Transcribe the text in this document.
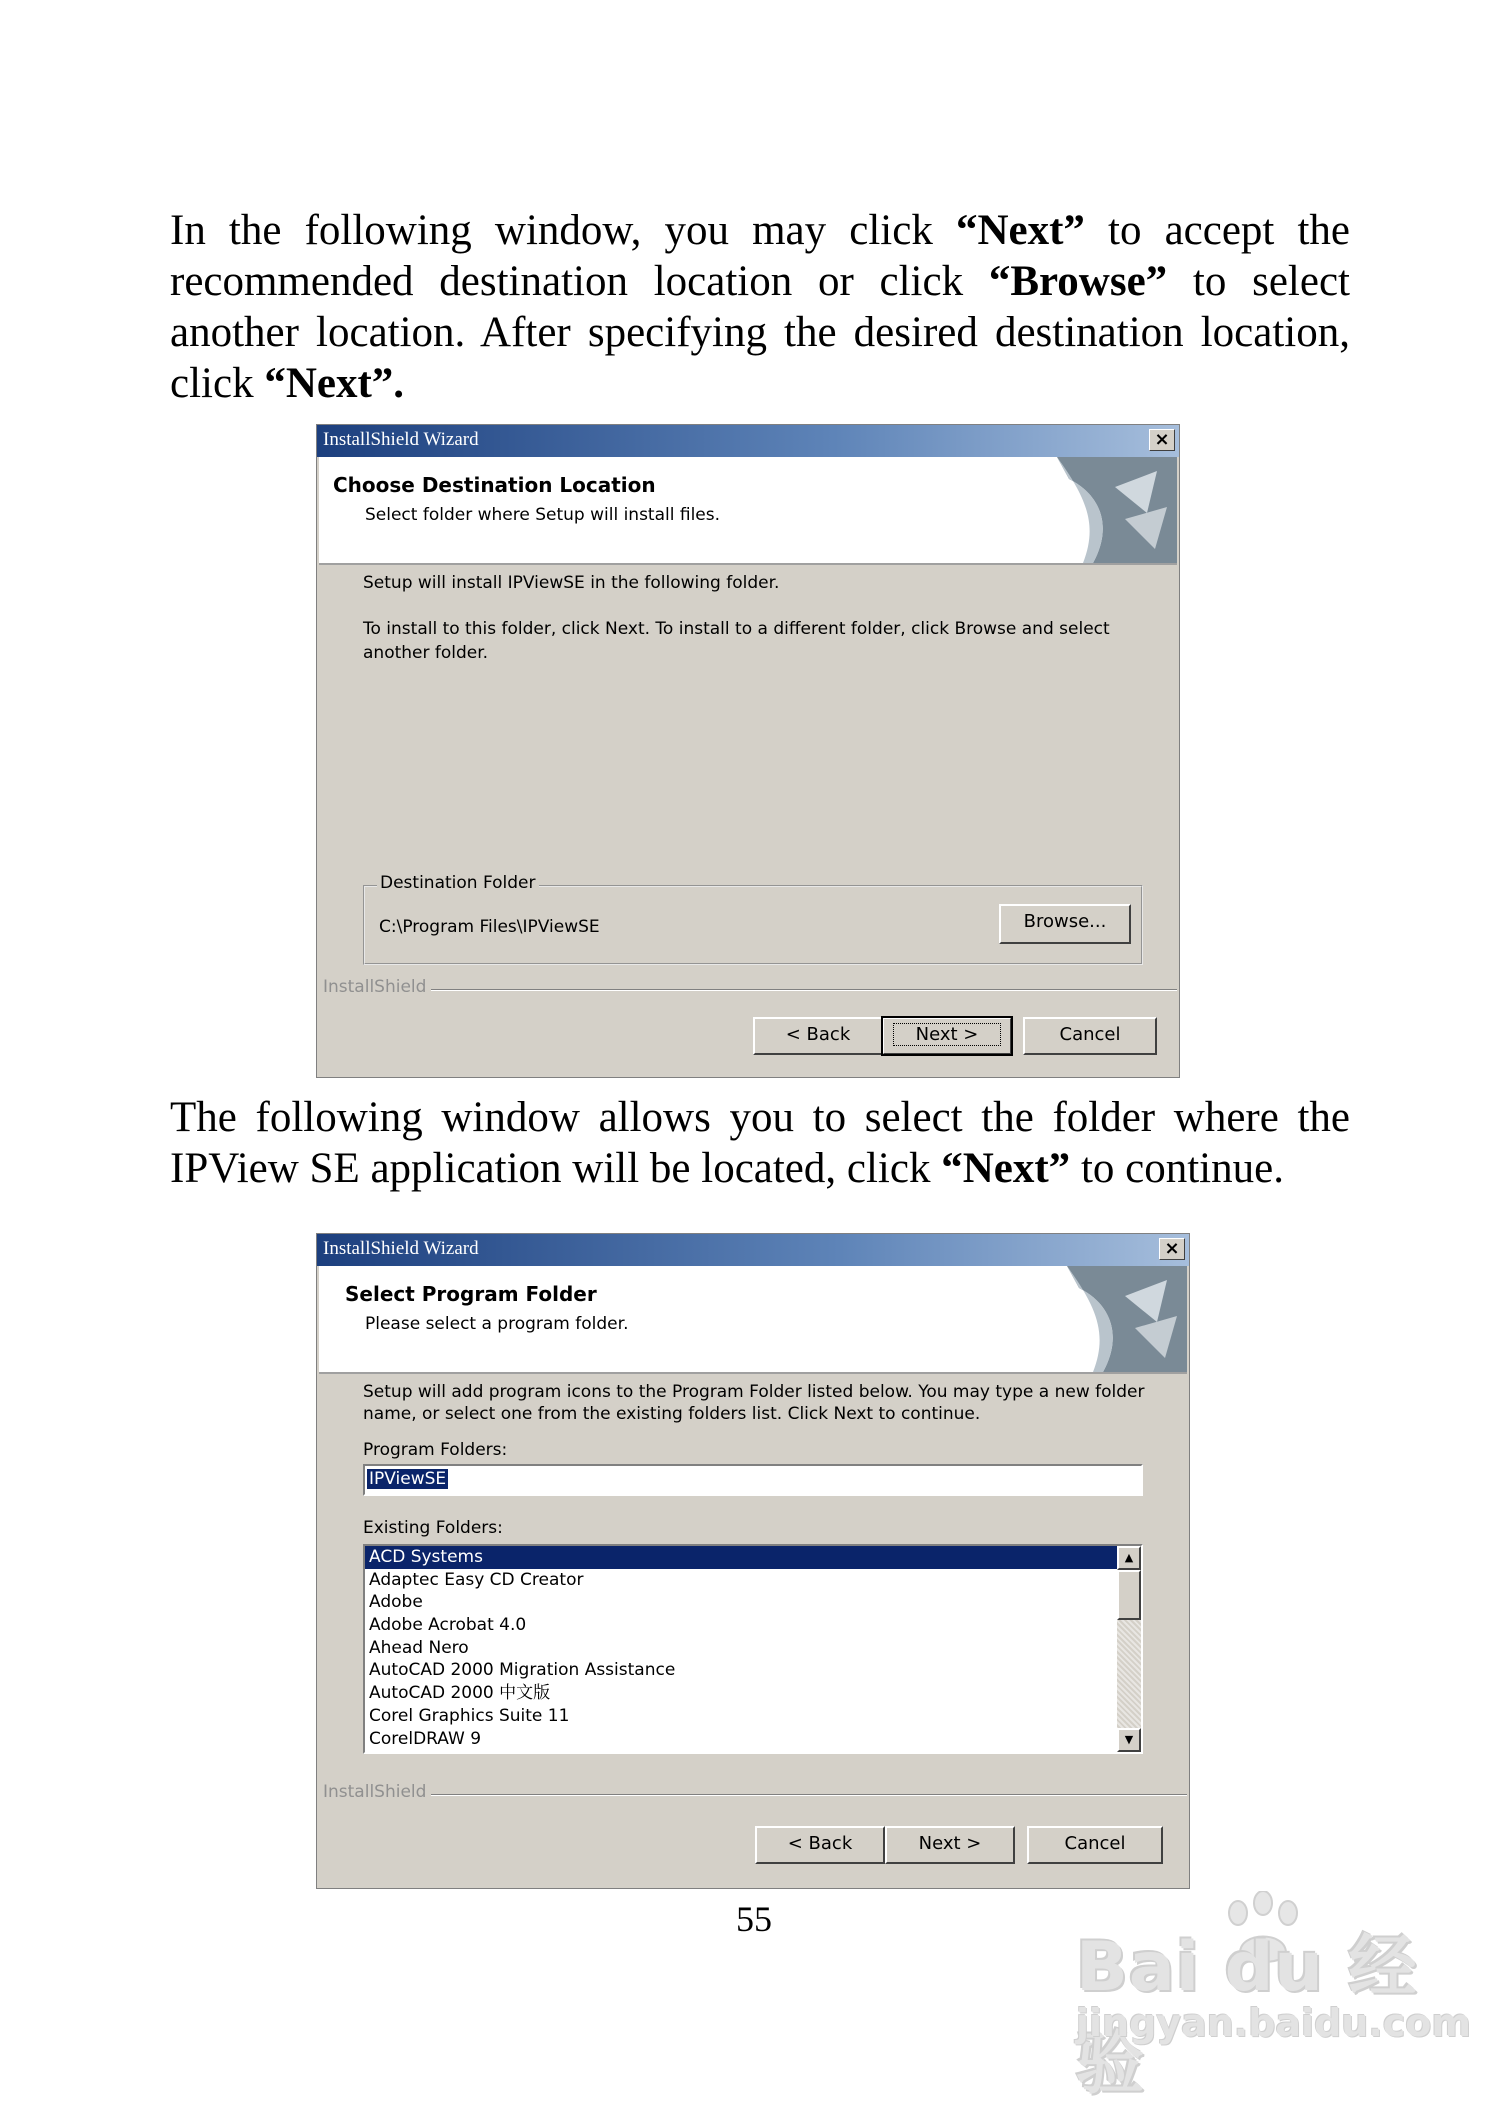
In the following window, you may click “Next” to accept the
recommended destination location or click “Browse” to select
another location. After specifying the desired destination location,
click “Next”.
InstallShield Wizard	×
Choose Destination Location
Select folder where Setup will install files.
Setup will install IPViewSE in the following folder.
To install to this folder, click Next. To install to a different folder, click Browse and select
another folder.
Destination Folder
C:\Program Files\IPViewSE	Browse...
InstallShield
< Back	Next >	Cancel
The following window allows you to select the folder where the
IPView SE application will be located, click “Next” to continue.
InstallShield Wizard	×
Select Program Folder
Please select a program folder.
Setup will add program icons to the Program Folder listed below. You may type a new folder
name, or select one from the existing folders list. Click Next to continue.
Program Folders:
IPViewSE
Existing Folders:
ACD Systems
Adaptec Easy CD Creator
Adobe
Adobe Acrobat 4.0
Ahead Nero
AutoCAD 2000 Migration Assistance
AutoCAD 2000 中文版
Corel Graphics Suite 11
CorelDRAW 9
▲
▼
InstallShield
< Back	Next >	Cancel
55
Bai du 经验
jingyan.baidu.com
